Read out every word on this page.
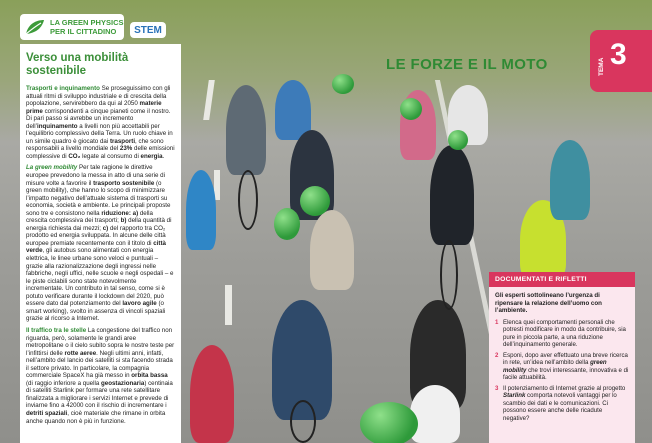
LA GREEN PHYSICS
PER IL CITTADINO	STEM
Verso una mobilità sostenibile

Trasporti e inquinamento Se proseguissimo con gli attuali ritmi di sviluppo industriale e di crescita della popolazione, servirebbero da qui al 2050 materie prime corrispondenti a cinque pianeti come il nostro. Di pari passo si avrebbe un incremento dell’inquinamento a livelli non più accettabili per l’equilibrio complessivo della Terra. Un ruolo chiave in un simile quadro è giocato dai trasporti, che sono responsabili a livello mondiale del 23% delle emissioni complessive di CO₂ legate al consumo di energia.

La green mobility Per tale ragione le direttive europee prevedono la messa in atto di una serie di misure volte a favorire il trasporto sostenibile (o green mobility), che hanno lo scopo di minimizzare l’impatto negativo dell’attuale sistema di trasporti su economia, società e ambiente. Le principali proposte sono tre e consistono nella riduzione: a) della crescita complessiva dei trasporti; b) della quantità di energia richiesta dai mezzi; c) del rapporto tra CO₂ prodotto ed energia sviluppata. In alcune delle città europee premiate recentemente con il titolo di città verde, gli autobus sono alimentati con energia elettrica, le linee urbane sono veloci e puntuali – grazie alla razionalizzazione degli ingressi nelle fabbriche, negli uffici, nelle scuole e negli ospedali – e le piste ciclabili sono state notevolmente incrementate. Un contributo in tal senso, come si è potuto verificare durante il lockdown del 2020, può essere dato dal potenziamento del lavoro agile (o smart working), svolto in assenza di vincoli spaziali grazie al ricorso a Internet.

Il traffico tra le stelle La congestione del traffico non riguarda, però, solamente le grandi aree metropolitane o il cielo subito sopra le nostre teste per l’infittirsi delle rotte aeree. Negli ultimi anni, infatti, nell’ambito del lancio dei satelliti si sta facendo strada il settore privato. In particolare, la compagnia commerciale SpaceX ha già messo in orbita bassa (di raggio inferiore a quella geostazionaria) centinaia di satelliti Starlink per formare una rete satellitare finalizzata a migliorare i servizi Internet e prevede di inviarne fino a 42000 con il rischio di incrementare i detriti spaziali, cioè materiale che rimane in orbita anche quando non è più in funzione.

LE FORZE E IL MOTO	TEMA 3
DOCUMENTATI E RIFLETTI
Gli esperti sottolineano l’urgenza di ripensare la relazione dell’uomo con l’ambiente.
1 Elenca quei comportamenti personali che potresti modificare in modo da contribuire, sia pure in piccola parte, a una riduzione dell’inquinamento generale.
2 Esponi, dopo aver effettuato una breve ricerca in rete, un’idea nell’ambito della green mobility che trovi interessante, innovativa e di facile attuabilità.
3 Il potenziamento di Internet grazie al progetto Starlink comporta notevoli vantaggi per lo scambio dei dati e le comunicazioni. Ci possono essere anche delle ricadute negative?
